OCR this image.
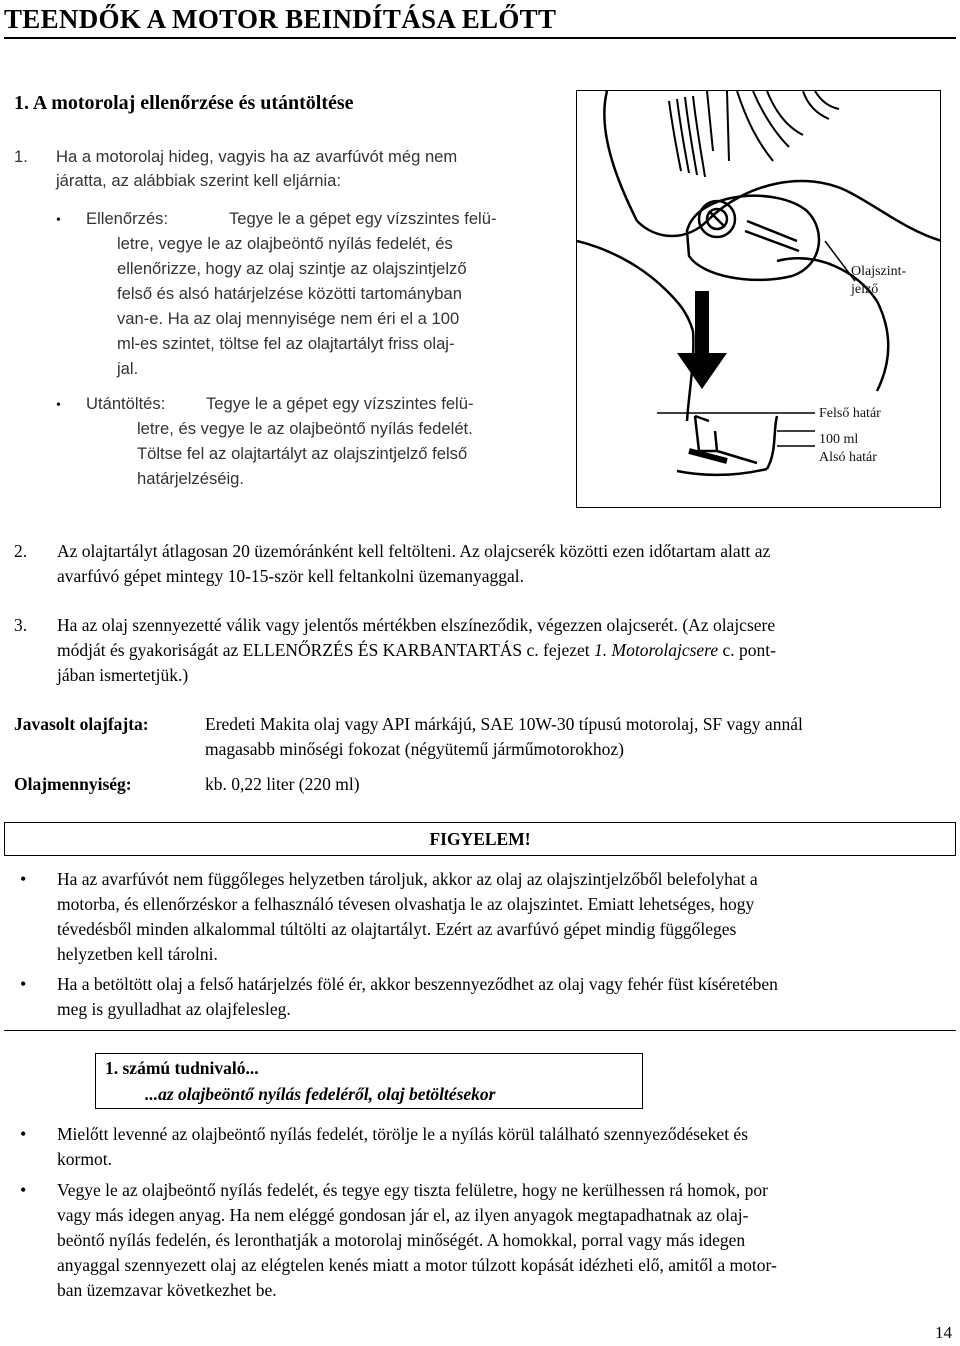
TEENDŐK A MOTOR BEINDÍTÁSA ELŐTT
1. A motorolaj ellenőrzése és utántöltése
1. Ha a motorolaj hideg, vagyis ha az avarfúvót még nem
járatta, az alábbiak szerint kell eljárnia:
• Ellenőrzés:	Tegye le a gépet egy vízszintes felü-
letre, vegye le az olajbeöntő nyílás fedelét, és
ellenőrizze, hogy az olaj szintje az olajszintjelző
felső és alsó határjelzése közötti tartományban
van-e. Ha az olaj mennyisége nem éri el a 100
ml-es szintet, töltse fel az olajtartályt friss olaj-
jal.
• Utántöltés: Tegye le a gépet egy vízszintes felü-
letre, és vegye le az olajbeöntő nyílás fedelét.
Töltse fel az olajtartályt az olajszintjelző felső
határjelzéséig.
Olajszint-
jelző
Felső határ
100 ml
Alsó határ
2. Az olajtartályt átlagosan 20 üzemóránként kell feltölteni. Az olajcserék közötti ezen időtartam alatt az
avarfúvó gépet mintegy 10-15-ször kell feltankolni üzemanyaggal.
3. Ha az olaj szennyezetté válik vagy jelentős mértékben elszíneződik, végezzen olajcserét. (Az olajcsere
módját és gyakoriságát az ELLENŐRZÉS ÉS KARBANTARTÁS c. fejezet 1. Motorolajcsere c. pont-
jában ismertetjük.)
Javasolt olajfajta:	Eredeti Makita olaj vagy API márkájú, SAE 10W-30 típusú motorolaj, SF vagy annál
magasabb minőségi fokozat (négyütemű járműmotorokhoz)
Olajmennyiség:	kb. 0,22 liter (220 ml)
FIGYELEM!
• Ha az avarfúvót nem függőleges helyzetben tároljuk, akkor az olaj az olajszintjelzőből belefolyhat a
motorba, és ellenőrzéskor a felhasználó tévesen olvashatja le az olajszintet. Emiatt lehetséges, hogy
tévedésből minden alkalommal túltölti az olajtartályt. Ezért az avarfúvó gépet mindig függőleges
helyzetben kell tárolni.
• Ha a betöltött olaj a felső határjelzés fölé ér, akkor beszennyeződhet az olaj vagy fehér füst kíséretében
meg is gyulladhat az olajfelesleg.
1. számú tudnivaló...
...az olajbeöntő nyílás fedeléről, olaj betöltésekor
• Mielőtt levenné az olajbeöntő nyílás fedelét, törölje le a nyílás körül található szennyeződéseket és
kormot.
• Vegye le az olajbeöntő nyílás fedelét, és tegye egy tiszta felületre, hogy ne kerülhessen rá homok, por
vagy más idegen anyag. Ha nem eléggé gondosan jár el, az ilyen anyagok megtapadhatnak az olaj-
beöntő nyílás fedelén, és leronthatják a motorolaj minőségét. A homokkal, porral vagy más idegen
anyaggal szennyezett olaj az elégtelen kenés miatt a motor túlzott kopását idézheti elő, amitől a motor-
ban üzemzavar következhet be.
14
